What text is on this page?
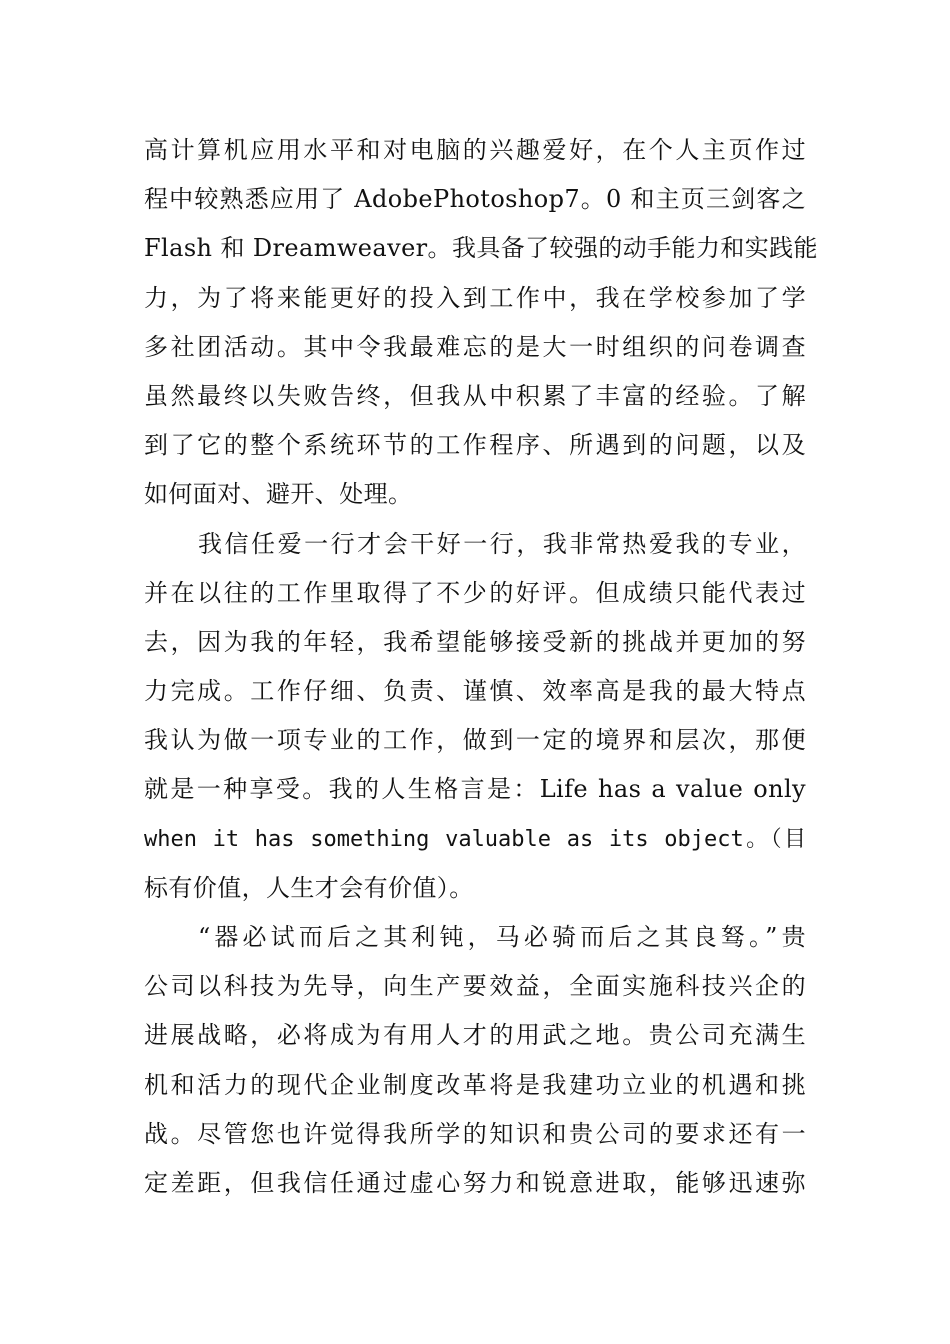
高计算机应用水平和对电脑的兴趣爱好，在个人主页作过
程中较熟悉应用了 AdobePhotoshop7。0 和主页三剑客之
Flash 和 Dreamweaver。我具备了较强的动手能力和实践能
力，为了将来能更好的投入到工作中，我在学校参加了学
多社团活动。其中令我最难忘的是大一时组织的问卷调查
虽然最终以失败告终，但我从中积累了丰富的经验。了解
到了它的整个系统环节的工作程序、所遇到的问题，以及
如何面对、避开、处理。
我信任爱一行才会干好一行，我非常热爱我的专业，
并在以往的工作里取得了不少的好评。但成绩只能代表过
去，因为我的年轻，我希望能够接受新的挑战并更加的努
力完成。工作仔细、负责、谨慎、效率高是我的最大特点
我认为做一项专业的工作，做到一定的境界和层次，那便
就是一种享受。我的人生格言是：Life has a value only
when it has something valuable as its object。（目
标有价值，人生才会有价值）。
“器必试而后之其利钝，马必骑而后之其良驽。”贵
公司以科技为先导，向生产要效益，全面实施科技兴企的
进展战略，必将成为有用人才的用武之地。贵公司充满生
机和活力的现代企业制度改革将是我建功立业的机遇和挑
战。尽管您也许觉得我所学的知识和贵公司的要求还有一
定差距，但我信任通过虚心努力和锐意进取，能够迅速弥
